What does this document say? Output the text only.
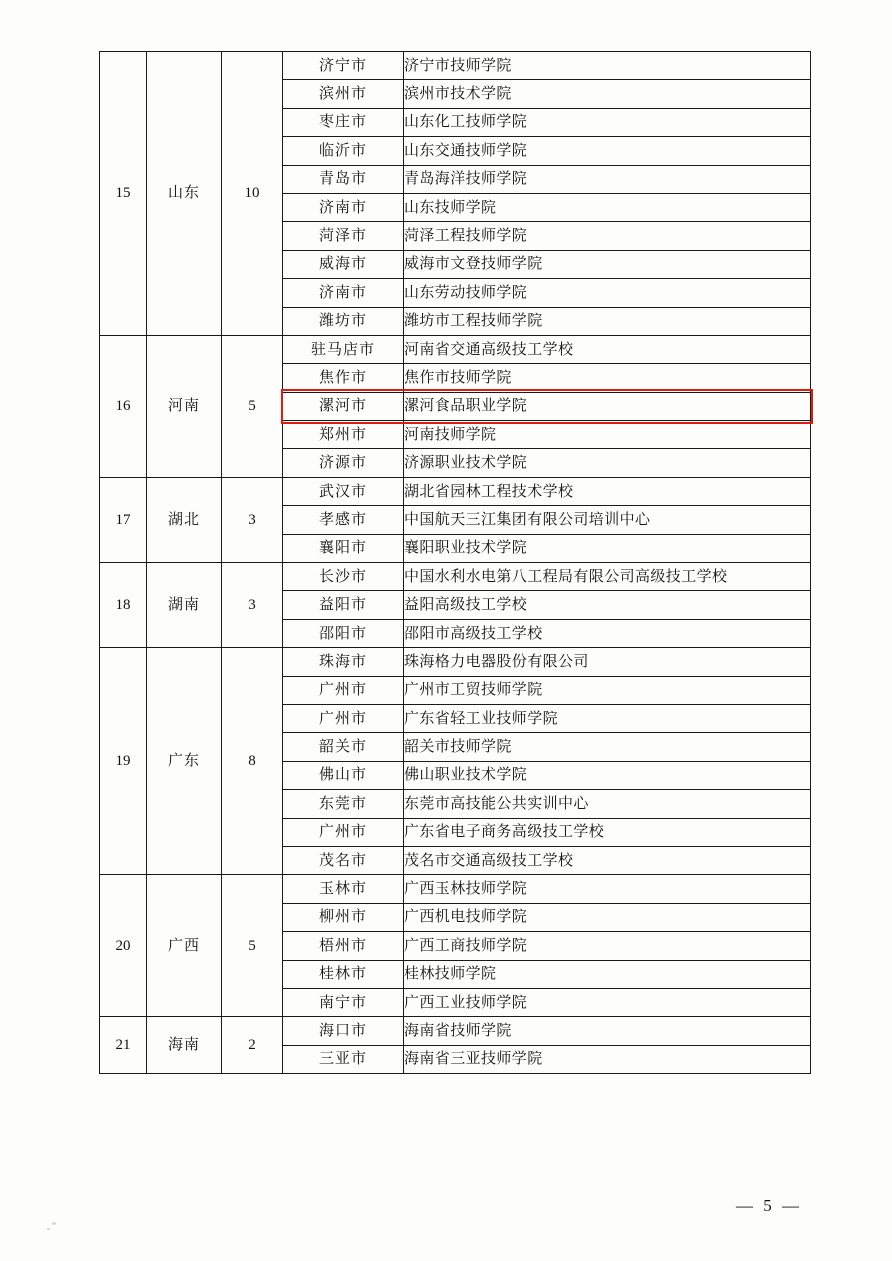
15	山东	10	济宁市	济宁市技师学院
			滨州市	滨州市技术学院
			枣庄市	山东化工技师学院
			临沂市	山东交通技师学院
			青岛市	青岛海洋技师学院
			济南市	山东技师学院
			菏泽市	菏泽工程技师学院
			威海市	威海市文登技师学院
			济南市	山东劳动技师学院
			潍坊市	潍坊市工程技师学院
16	河南	5	驻马店市	河南省交通高级技工学校
			焦作市	焦作市技师学院
			漯河市	漯河食品职业学院
			郑州市	河南技师学院
			济源市	济源职业技术学院
17	湖北	3	武汉市	湖北省园林工程技术学校
			孝感市	中国航天三江集团有限公司培训中心
			襄阳市	襄阳职业技术学院
18	湖南	3	长沙市	中国水利水电第八工程局有限公司高级技工学校
			益阳市	益阳高级技工学校
			邵阳市	邵阳市高级技工学校
19	广东	8	珠海市	珠海格力电器股份有限公司
			广州市	广州市工贸技师学院
			广州市	广东省轻工业技师学院
			韶关市	韶关市技师学院
			佛山市	佛山职业技术学院
			东莞市	东莞市高技能公共实训中心
			广州市	广东省电子商务高级技工学校
			茂名市	茂名市交通高级技工学校
20	广西	5	玉林市	广西玉林技师学院
			柳州市	广西机电技师学院
			梧州市	广西工商技师学院
			桂林市	桂林技师学院
			南宁市	广西工业技师学院
21	海南	2	海口市	海南省技师学院
			三亚市	海南省三亚技师学院
— 5 —
